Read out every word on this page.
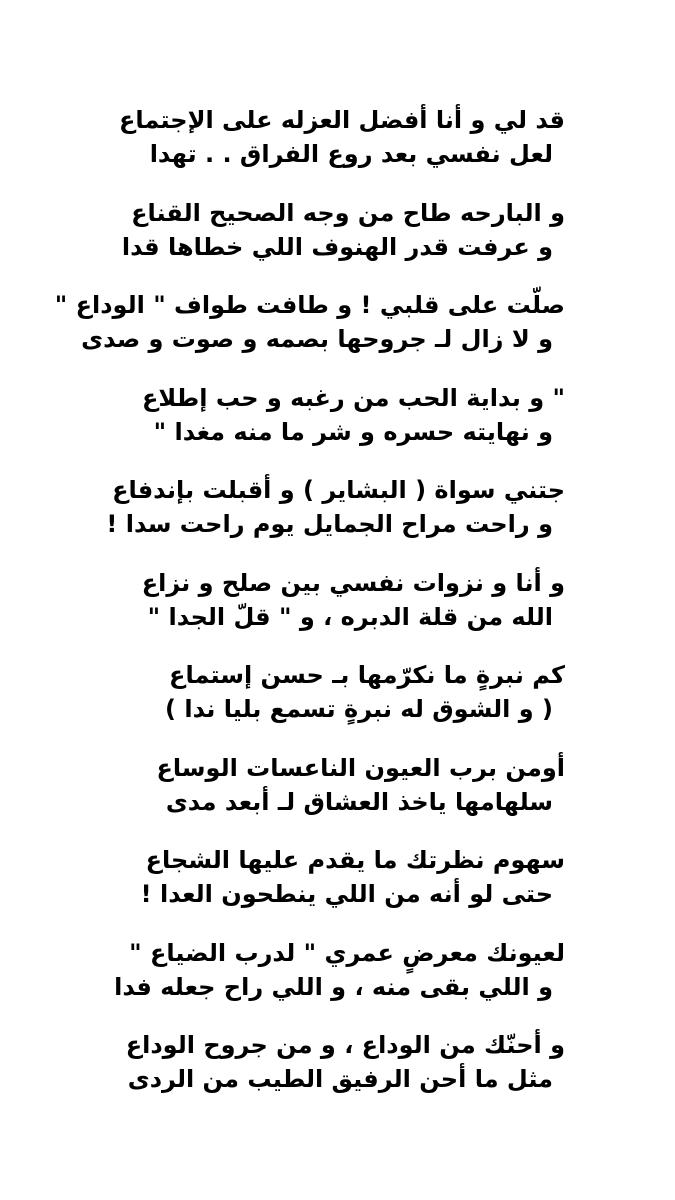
قد لي و أنا أفضل العزله على الإجتماع
لعل نفسي بعد روع الفراق . . تهدا
و البارحه طاح من وجه الصحيح القناع
و عرفت قدر الهنوف اللي خطاها قدا
صلّت على قلبي ! و طافت طواف " الوداع "
و لا زال لـ جروحها بصمه و صوت و صدى
" و بداية الحب من رغبه و حب إطلاع
و نهايته حسره و شر ما منه مغدا "
جتني سواة ( البشاير ) و أقبلت بإندفاع
و راحت مراح الجمايل يوم راحت سدا !
و أنا و نزوات نفسي بين صلح و نزاع
الله من قلة الدبره ، و " قلّ الجدا "
كم نبرةٍ ما نكرّمها بـ حسن إستماع
( و الشوق له نبرةٍ تسمع بليا ندا )
أومن برب العيون الناعسات الوساع
سلهامها ياخذ العشاق لـ أبعد مدى
سهوم نظرتك ما يقدم عليها الشجاع
حتى لو أنه من اللي ينطحون العدا !
لعيونك معرضٍ عمري " لدرب الضياع "
و اللي بقى منه ، و اللي راح جعله فدا
و أحنّك من الوداع ، و من جروح الوداع
مثل ما أحن الرفيق الطيب من الردى
